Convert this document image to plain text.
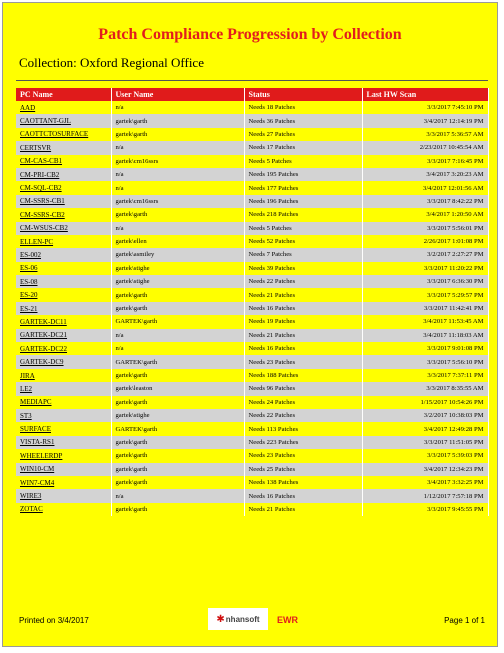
Patch Compliance Progression by Collection
Collection: Oxford Regional Office
PC Name	User Name	Status	Last HW Scan
AAD	n/a	Needs 18 Patches	3/3/2017 7:45:10 PM
CAOTTANT-GJL	gartek\garth	Needs 36 Patches	3/4/2017 12:14:19 PM
CAOTTCTOSURFACE	gartek\garth	Needs 27 Patches	3/3/2017 5:36:57 AM
CERTSVR	n/a	Needs 17 Patches	2/23/2017 10:45:54 AM
CM-CAS-CB1	gartek\cm16ssrs	Needs 5 Patches	3/3/2017 7:16:45 PM
CM-PRI-CB2	n/a	Needs 195 Patches	3/4/2017 3:20:23 AM
CM-SQL-CB2	n/a	Needs 177 Patches	3/4/2017 12:01:56 AM
CM-SSRS-CB1	gartek\cm16ssrs	Needs 196 Patches	3/3/2017 8:42:22 PM
CM-SSRS-CB2	gartek\garth	Needs 218 Patches	3/4/2017 1:20:50 AM
CM-WSUS-CB2	n/a	Needs 5 Patches	3/3/2017 5:56:01 PM
ELLEN-PC	gartek\ellen	Needs 52 Patches	2/26/2017 1:01:08 PM
ES-002	gartek\asmiley	Needs 7 Patches	3/2/2017 2:27:27 PM
ES-06	gartek\stighe	Needs 39 Patches	3/3/2017 11:20:22 PM
ES-08	gartek\stighe	Needs 22 Patches	3/3/2017 6:36:30 PM
ES-20	gartek\garth	Needs 21 Patches	3/3/2017 5:29:57 PM
ES-21	gartek\garth	Needs 16 Patches	3/3/2017 11:42:41 PM
GARTEK-DC11	GARTEK\garth	Needs 19 Patches	3/4/2017 11:53:45 AM
GARTEK-DC21	n/a	Needs 21 Patches	3/4/2017 11:18:03 AM
GARTEK-DC22	n/a	Needs 16 Patches	3/3/2017 9:01:08 PM
GARTEK-DC9	GARTEK\garth	Needs 23 Patches	3/3/2017 5:56:10 PM
JIRA	gartek\garth	Needs 188 Patches	3/3/2017 7:37:11 PM
LE2	gartek\leaston	Needs 96 Patches	3/3/2017 8:35:55 AM
MEDIAPC	gartek\garth	Needs 24 Patches	1/15/2017 10:54:26 PM
ST3	gartek\stighe	Needs 22 Patches	3/2/2017 10:38:03 PM
SURFACE	GARTEK\garth	Needs 113 Patches	3/4/2017 12:49:28 PM
VISTA-RS1	gartek\garth	Needs 223 Patches	3/3/2017 11:51:05 PM
WHEELERDP	gartek\garth	Needs 23 Patches	3/3/2017 5:39:03 PM
WIN10-CM	gartek\garth	Needs 25 Patches	3/4/2017 12:34:23 PM
WIN7-CM4	gartek\garth	Needs 138 Patches	3/4/2017 3:32:25 PM
WIRE3	n/a	Needs 16 Patches	1/12/2017 7:57:18 PM
ZOTAC	gartek\garth	Needs 21 Patches	3/3/2017 9:45:55 PM
Printed on 3/4/2017	✱ nhansoft EWR	Page 1 of 1
